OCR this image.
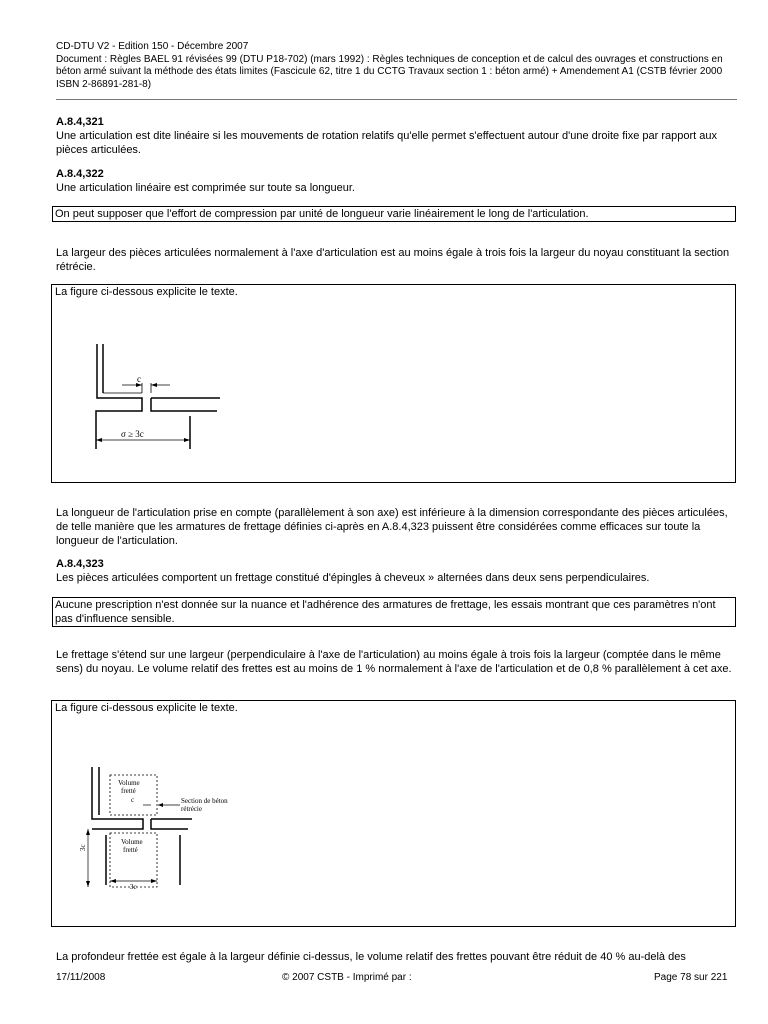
CD-DTU V2 - Edition 150 - Décembre 2007
Document : Règles BAEL 91 révisées 99 (DTU P18-702) (mars 1992) : Règles techniques de conception et de calcul des ouvrages et constructions en béton armé suivant la méthode des états limites (Fascicule 62, titre 1 du CCTG Travaux section 1 : béton armé) + Amendement A1 (CSTB février 2000 ISBN 2-86891-281-8)
A.8.4,321
Une articulation est dite linéaire si les mouvements de rotation relatifs qu'elle permet s'effectuent autour d'une droite fixe par rapport aux pièces articulées.
A.8.4,322
Une articulation linéaire est comprimée sur toute sa longueur.
On peut supposer que l'effort de compression par unité de longueur varie linéairement le long de l'articulation.
La largeur des pièces articulées normalement à l'axe d'articulation est au moins égale à trois fois la largeur du noyau constituant la section rétrécie.
La figure ci-dessous explicite le texte.
c
σ ≥ 3c
La longueur de l'articulation prise en compte (parallèlement à son axe) est inférieure à la dimension correspondante des pièces articulées, de telle manière que les armatures de frettage définies ci-après en A.8.4,323 puissent être considérées comme efficaces sur toute la longueur de l'articulation.
A.8.4,323
Les pièces articulées comportent un frettage constitué d'épingles à cheveux » alternées dans deux sens perpendiculaires.
Aucune prescription n'est donnée sur la nuance et l'adhérence des armatures de frettage, les essais montrant que ces paramètres n'ont pas d'influence sensible.
Le frettage s'étend sur une largeur (perpendiculaire à l'axe de l'articulation) au moins égale à trois fois la largeur (comptée dans le même sens) du noyau. Le volume relatif des frettes est au moins de 1 % normalement à l'axe de l'articulation et de 0,8 % parallèlement à cet axe.
La figure ci-dessous explicite le texte.
Volume
fretté
c	Section de béton
rétrécie
Volume
fretté
3c
3c
La profondeur frettée est égale à la largeur définie ci-dessus, le volume relatif des frettes pouvant être réduit de 40 % au-delà des
17/11/2008	© 2007 CSTB - Imprimé par :	Page 78 sur 221
